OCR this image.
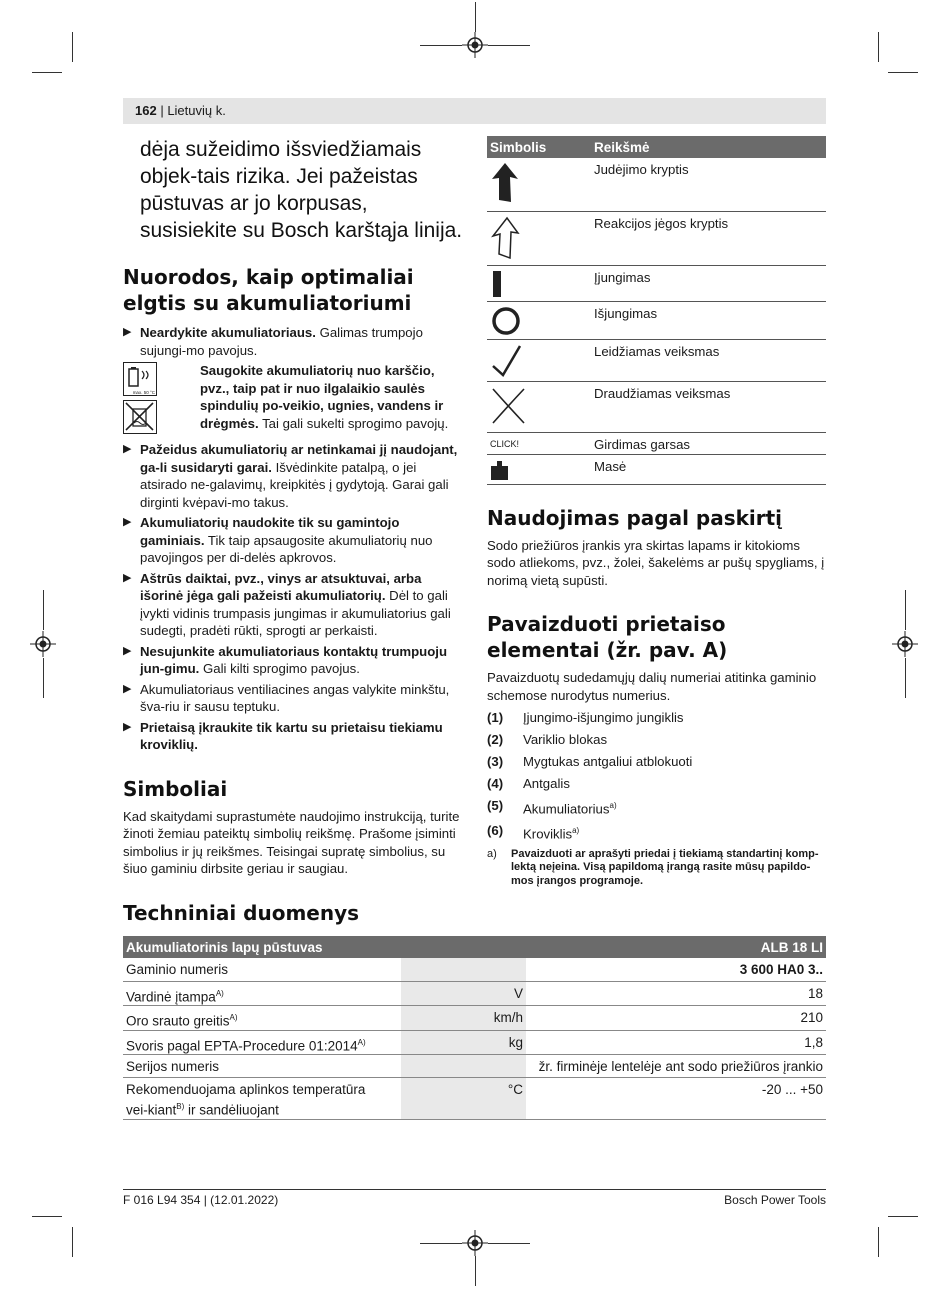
162 | Lietuvių k.
dėja sužeidimo išsviedžiamais objek-tais rizika. Jei pažeistas pūstuvas ar jo korpusas, susisiekite su Bosch karštąja linija.
Nuorodos, kaip optimaliai elgtis su akumuliatoriumi
▶ Neardykite akumuliatoriaus. Galimas trumpojo sujungi-mo pavojus.

max. 50 °C
Saugokite akumuliatorių nuo karščio, pvz., taip pat ir nuo ilgalaikio saulės spindulių po-veikio, ugnies, vandens ir drėgmės. Tai gali sukelti sprogimo pavojų.
▶ Pažeidus akumuliatorių ar netinkamai jį naudojant, ga-li susidaryti garai. Išvėdinkite patalpą, o jei atsirado ne-galavimų, kreipkitės į gydytoją. Garai gali dirginti kvėpavi-mo takus.

▶ Akumuliatorių naudokite tik su gamintojo gaminiais. Tik taip apsaugosite akumuliatorių nuo pavojingos per di-delės apkrovos.

▶ Aštrūs daiktai, pvz., vinys ar atsuktuvai, arba išorinė jėga gali pažeisti akumuliatorių. Dėl to gali įvykti vidinis trumpasis jungimas ir akumuliatorius gali sudegti, pradėti rūkti, sprogti ar perkaisti.

▶ Nesujunkite akumuliatoriaus kontaktų trumpuoju jun-gimu. Gali kilti sprogimo pavojus.

▶ Akumuliatoriaus ventiliacines angas valykite minkštu, šva-riu ir sausu teptuku.

▶ Prietaisą įkraukite tik kartu su prietaisu tiekiamu kroviklių.

Simboliai

Kad skaitydami suprastumėte naudojimo instrukciją, turite žinoti žemiau pateiktų simbolių reikšmę. Prašome įsiminti simbolius ir jų reikšmes. Teisingai supratę simbolius, su šiuo gaminiu dirbsite geriau ir saugiau.

Simbolis	Reikšmė
	Judėjimo kryptis
	Reakcijos jėgos kryptis
	Įjungimas
	Išjungimas
	Leidžiamas veiksmas
	Draudžiamas veiksmas
CLICK!	Girdimas garsas
	Masė
Naudojimas pagal paskirtį

Sodo priežiūros įrankis yra skirtas lapams ir kitokioms sodo atliekoms, pvz., žolei, šakelėms ar pušų spygliams, į norimą vietą supūsti.

Pavaizduoti prietaiso elementai (žr. pav. A)

Pavaizduotų sudedamųjų dalių numeriai atitinka gaminio schemose nurodytus numerius.

(1)	Įjungimo-išjungimo jungiklis
(2)	Variklio blokas
(3)	Mygtukas antgaliui atblokuoti
(4)	Antgalis
(5)	Akumuliatorius$^{a)}$
(6)	Kroviklis$^{a)}$
a)	Pavaizduoti ar aprašyti priedai į tiekiamą standartinį komp-lektą neįeina. Visą papildomą įrangą rasite mūsų papildo-mos įrangos programoje.
Techniniai duomenys
Akumuliatorinis lapų pūstuvas		ALB 18 LI
Gaminio numeris		3 600 HA0 3..
Vardinė įtampa$^{A)}$	V	18
Oro srauto greitis$^{A)}$	km/h	210
Svoris pagal EPTA-Procedure $01:2014^{A)}$	kg	1,8
Serijos numeris		žr. firminėje lentelėje ant sodo priežiūros įrankio
Rekomenduojama aplinkos temperatūra vei-kiant$^{B)}$ ir sandėliuojant	°C	-20 ... +50
F 016 L94 354 | (12.01.2022)	Bosch Power Tools
